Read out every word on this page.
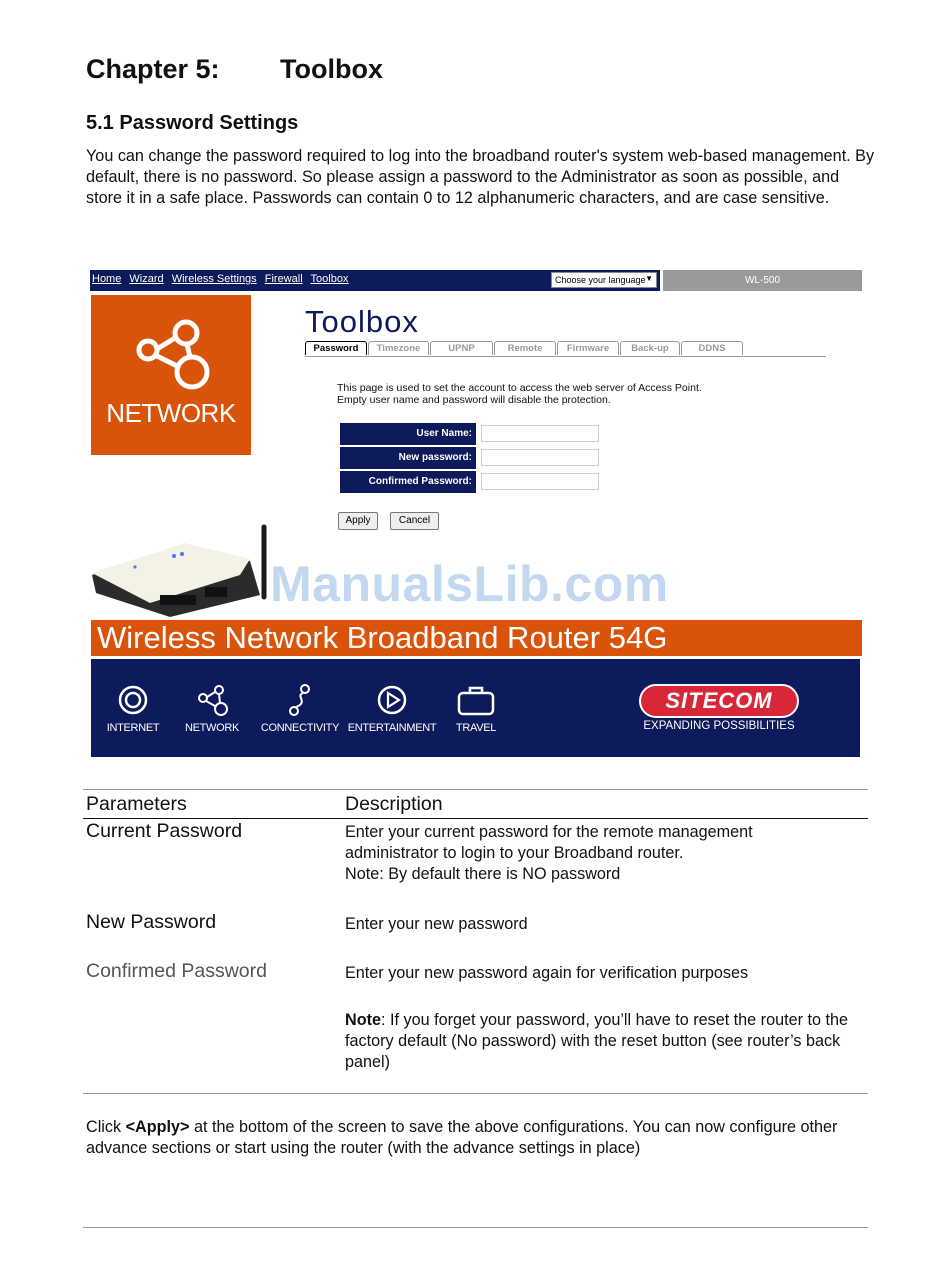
Chapter 5: Toolbox
5.1 Password Settings
You can change the password required to log into the broadband router's system web-based management. By default, there is no password. So please assign a password to the Administrator as soon as possible, and store it in a safe place. Passwords can contain 0 to 12 alphanumeric characters, and are case sensitive.
Home Wizard Wireless Settings Firewall Toolbox	Choose your language ▼	WL-500
NETWORK
Toolbox
Password	Timezone	UPNP	Remote	Firmware	Back-up	DDNS
This page is used to set the account to access the web server of Access Point.
Empty user name and password will disable the protection.
User Name:
New password:
Confirmed Password:
Apply	Cancel
ManualsLib.com
Wireless Network Broadband Router 54G
INTERNET	NETWORK	CONNECTIVITY ENTERTAINMENT	TRAVEL
SITECOM
EXPANDING POSSIBILITIES
Parameters	Description
Current Password	Enter your current password for the remote management
administrator to login to your Broadband router.
Note: By default there is NO password
New Password	Enter your new password
Confirmed Password	Enter your new password again for verification purposes
Note: If you forget your password, you’ll have to reset the router to the factory default (No password) with the reset button (see router’s back panel)
Click <Apply> at the bottom of the screen to save the above configurations. You can now configure other advance sections or start using the router (with the advance settings in place)
